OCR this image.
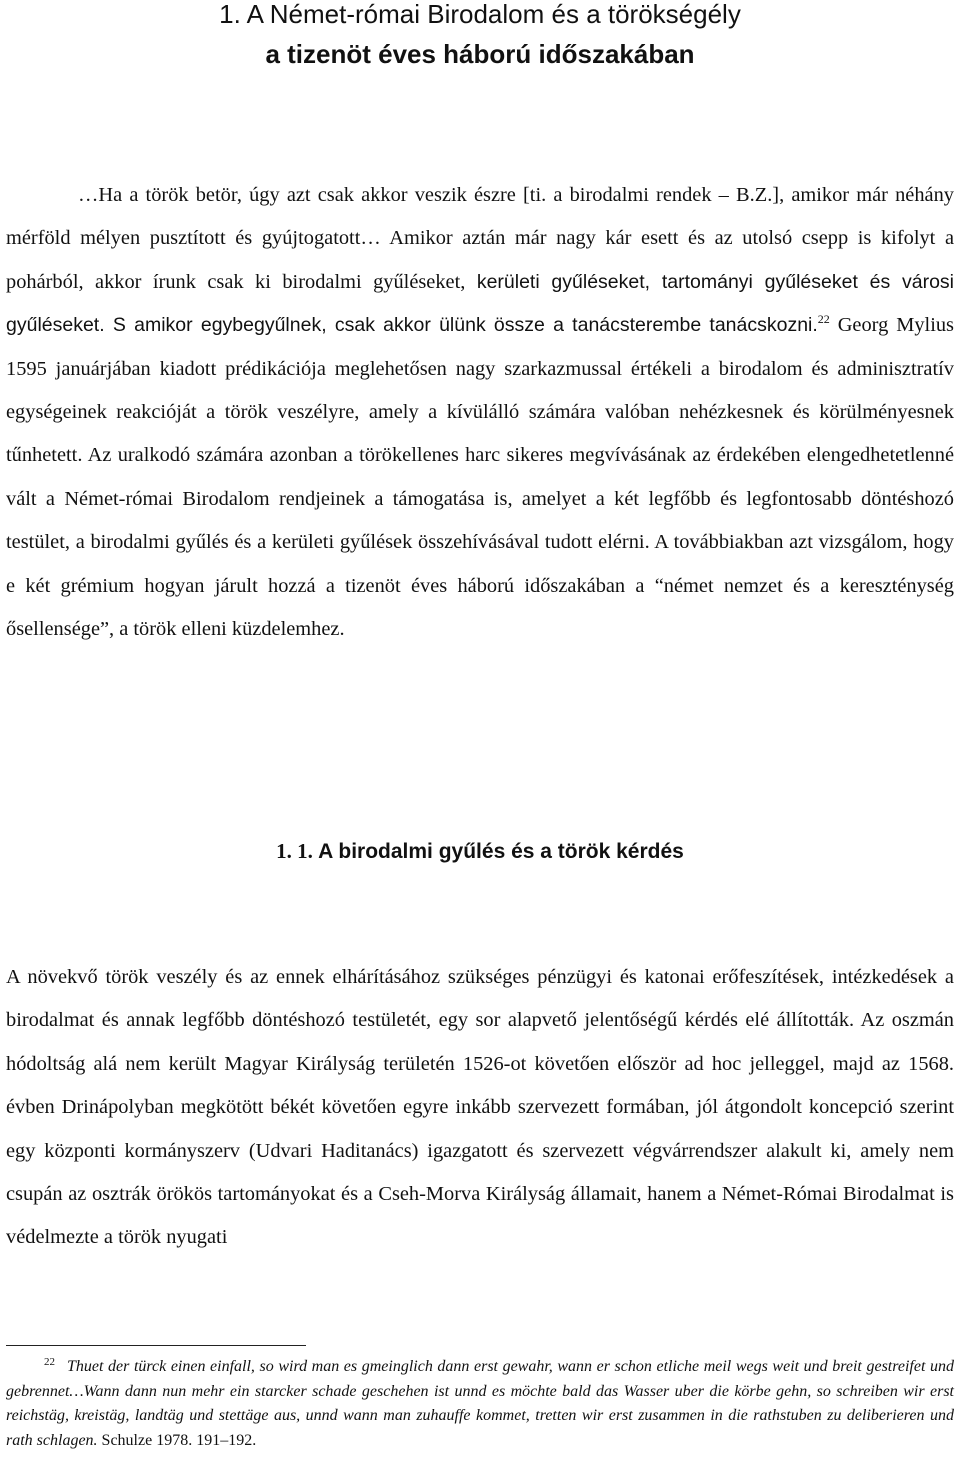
1. A Német-római Birodalom és a törökségély
a tizenöt éves háború időszakában

…Ha a török betör, úgy azt csak akkor veszik észre [ti. a birodalmi rendek – B.Z.], amikor már néhány mérföld mélyen pusztított és gyújtogatott… Amikor aztán már nagy kár esett és az utolsó csepp is kifolyt a pohárból, akkor írunk csak ki birodalmi gyűléseket, kerületi gyűléseket, tartományi gyűléseket és városi gyűléseket. S amikor egybegyűlnek, csak akkor ülünk össze a tanácsterembe tanácskozni.$^{22}$ Georg Mylius 1595 januárjában kiadott prédikációja meglehetősen nagy szarkazmussal értékeli a birodalom és adminisztratív egységeinek reakcióját a török veszélyre, amely a kívülálló számára valóban nehézkesnek és körülményesnek tűnhetett. Az uralkodó számára azonban a törökellenes harc sikeres megvívásának az érdekében elengedhetetlenné vált a Német-római Birodalom rendjeinek a támogatása is, amelyet a két legfőbb és legfontosabb döntéshozó testület, a birodalmi gyűlés és a kerületi gyűlések összehívásával tudott elérni. A továbbiakban azt vizsgálom, hogy e két grémium hogyan járult hozzá a tizenöt éves háború időszakában a “német nemzet és a kereszténység ősellensége”, a török elleni küzdelemhez.

1. 1. A birodalmi gyűlés és a török kérdés

A növekvő török veszély és az ennek elhárításához szükséges pénzügyi és katonai erőfeszítések, intézkedések a birodalmat és annak legfőbb döntéshozó testületét, egy sor alapvető jelentőségű kérdés elé állították. Az oszmán hódoltság alá nem került Magyar Királyság területén 1526-ot követően először ad hoc jelleggel, majd az 1568. évben Drinápolyban megkötött békét követően egyre inkább szervezett formában, jól átgondolt koncepció szerint egy központi kormányszerv (Udvari Haditanács) igazgatott és szervezett végvárrendszer alakult ki, amely nem csupán az osztrák örökös tartományokat és a Cseh-Morva Királyság államait, hanem a Német-Római Birodalmat is védelmezte a török nyugati

$^{22}$ Thuet der türck einen einfall, so wird man es gmeinglich dann erst gewahr, wann er schon etliche meil wegs weit und breit gestreifet und gebrennet…Wann dann nun mehr ein starcker schade geschehen ist unnd es möchte bald das Wasser uber die körbe gehn, so schreiben wir erst reichstäg, kreistäg, landtäg und stettäge aus, unnd wann man zuhauffe kommet, tretten wir erst zusammen in die rathstuben zu deliberieren und rath schlagen. Schulze 1978. 191–192.
